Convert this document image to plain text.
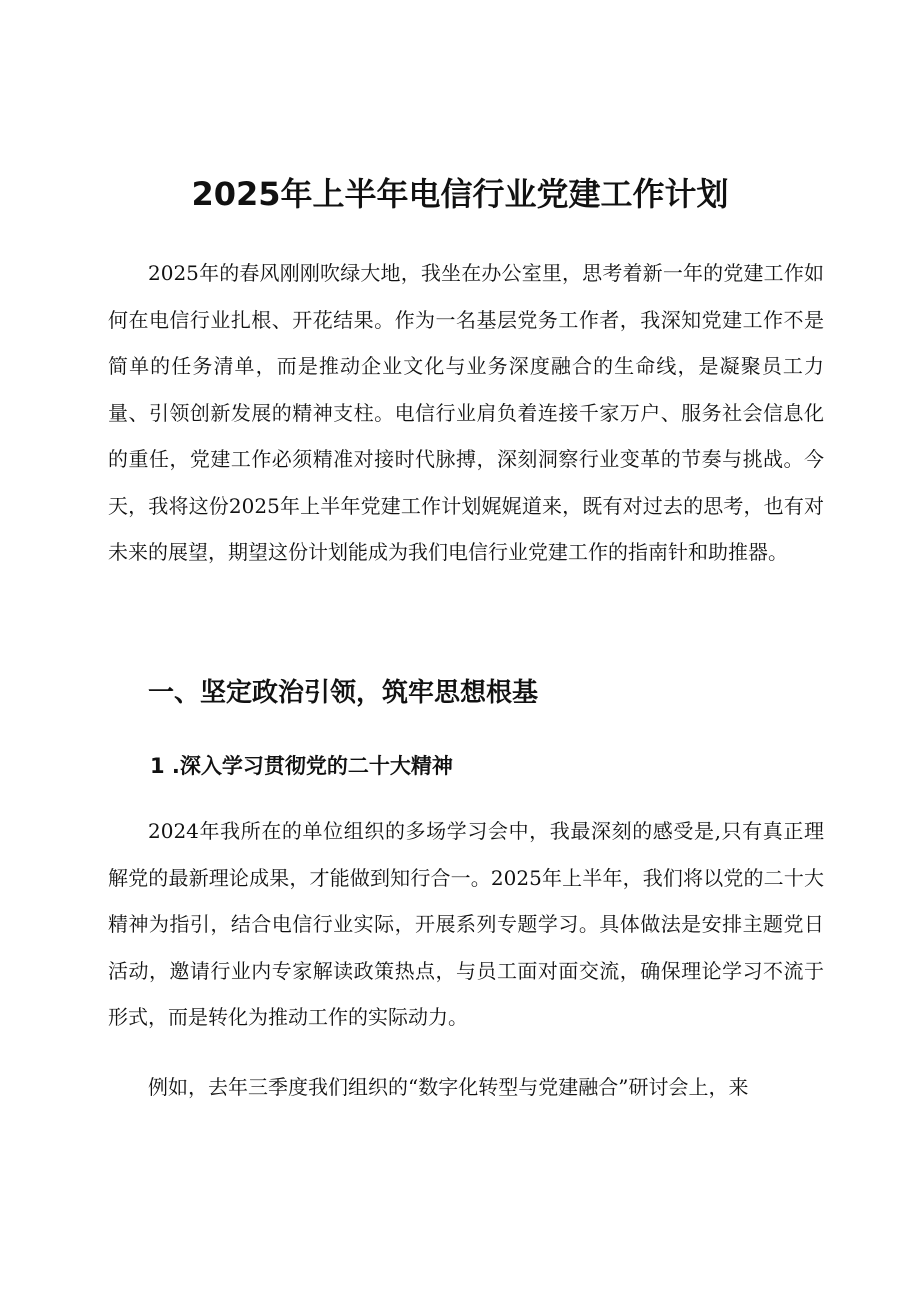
2025年上半年电信行业党建工作计划

2025年的春风刚刚吹绿大地，我坐在办公室里，思考着新一年的党建工作如何在电信行业扎根、开花结果。作为一名基层党务工作者，我深知党建工作不是简单的任务清单，而是推动企业文化与业务深度融合的生命线，是凝聚员工力量、引领创新发展的精神支柱。电信行业肩负着连接千家万户、服务社会信息化的重任，党建工作必须精准对接时代脉搏，深刻洞察行业变革的节奏与挑战。今天，我将这份2025年上半年党建工作计划娓娓道来，既有对过去的思考，也有对未来的展望，期望这份计划能成为我们电信行业党建工作的指南针和助推器。

一、坚定政治引领，筑牢思想根基
1 .深入学习贯彻党的二十大精神

2024年我所在的单位组织的多场学习会中，我最深刻的感受是,只有真正理解党的最新理论成果，才能做到知行合一。2025年上半年，我们将以党的二十大精神为指引，结合电信行业实际，开展系列专题学习。具体做法是安排主题党日活动，邀请行业内专家解读政策热点，与员工面对面交流，确保理论学习不流于形式，而是转化为推动工作的实际动力。

例如，去年三季度我们组织的“数字化转型与党建融合”研讨会上，来
